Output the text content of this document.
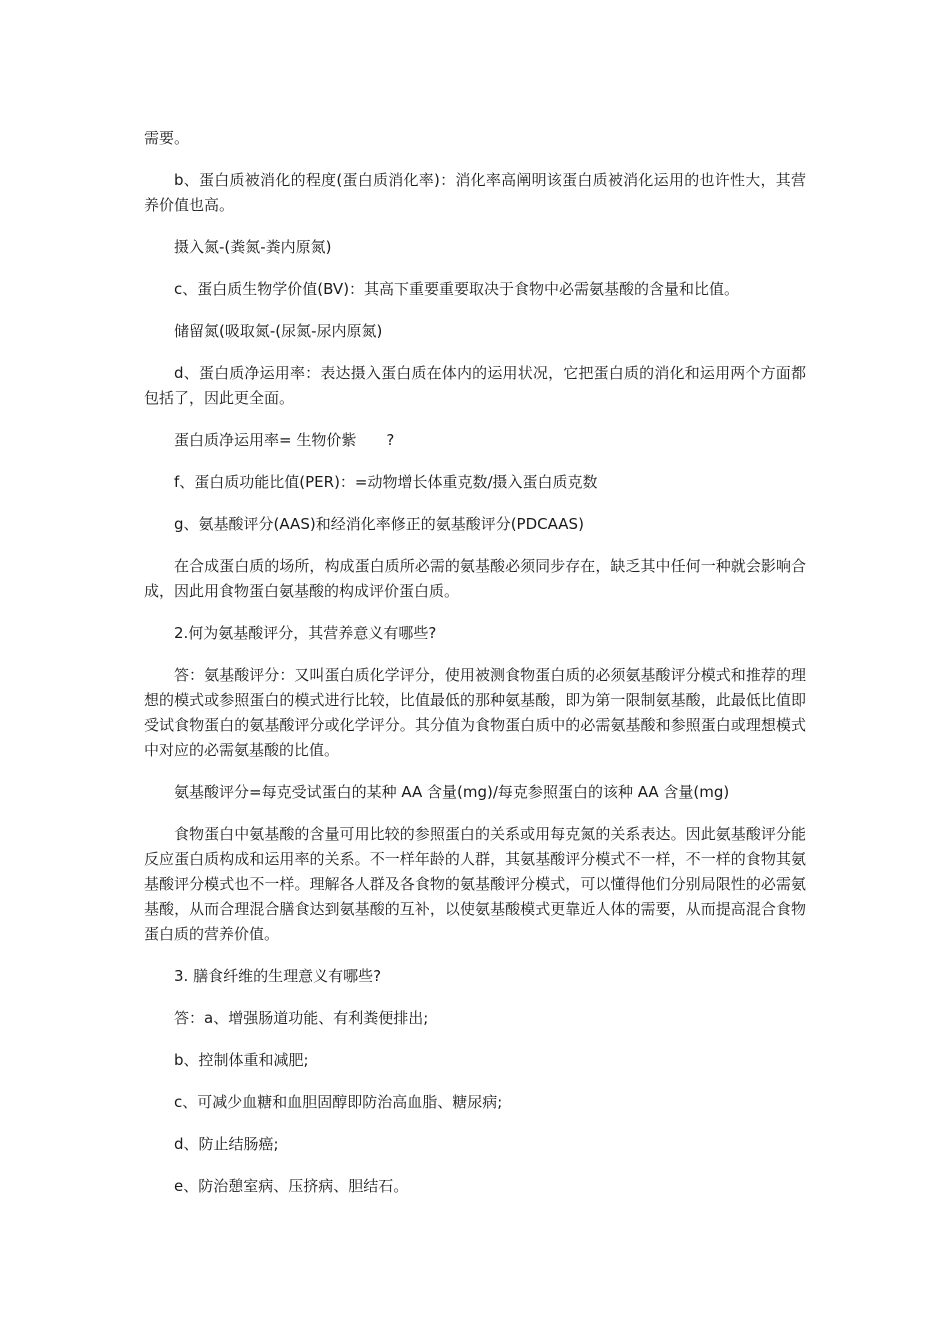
需要。

b、蛋白质被消化的程度(蛋白质消化率)：消化率高阐明该蛋白质被消化运用的也许性大，其营养价值也高。

摄入氮-(粪氮-粪内原氮)

c、蛋白质生物学价值(BV)：其高下重要重要取决于食物中必需氨基酸的含量和比值。

储留氮(吸取氮-(尿氮-尿内原氮)

d、蛋白质净运用率：表达摄入蛋白质在体内的运用状况，它把蛋白质的消化和运用两个方面都包括了，因此更全面。

蛋白质净运用率= 生物价紫　　?

f、蛋白质功能比值(PER)：=动物增长体重克数/摄入蛋白质克数

g、氨基酸评分(AAS)和经消化率修正的氨基酸评分(PDCAAS)

在合成蛋白质的场所，构成蛋白质所必需的氨基酸必须同步存在，缺乏其中任何一种就会影响合成，因此用食物蛋白氨基酸的构成评价蛋白质。

2.何为氨基酸评分，其营养意义有哪些?

答：氨基酸评分：又叫蛋白质化学评分，使用被测食物蛋白质的必须氨基酸评分模式和推荐的理想的模式或参照蛋白的模式进行比较，比值最低的那种氨基酸，即为第一限制氨基酸，此最低比值即受试食物蛋白的氨基酸评分或化学评分。其分值为食物蛋白质中的必需氨基酸和参照蛋白或理想模式中对应的必需氨基酸的比值。

氨基酸评分=每克受试蛋白的某种 AA 含量(mg)/每克参照蛋白的该种 AA 含量(mg)

食物蛋白中氨基酸的含量可用比较的参照蛋白的关系或用每克氮的关系表达。因此氨基酸评分能反应蛋白质构成和运用率的关系。不一样年龄的人群，其氨基酸评分模式不一样，不一样的食物其氨基酸评分模式也不一样。理解各人群及各食物的氨基酸评分模式，可以懂得他们分别局限性的必需氨基酸，从而合理混合膳食达到氨基酸的互补，以使氨基酸模式更靠近人体的需要，从而提高混合食物蛋白质的营养价值。

3. 膳食纤维的生理意义有哪些?

答：a、增强肠道功能、有利粪便排出;

b、控制体重和减肥;

c、可减少血糖和血胆固醇即防治高血脂、糖尿病;

d、防止结肠癌;

e、防治憩室病、压挤病、胆结石。
